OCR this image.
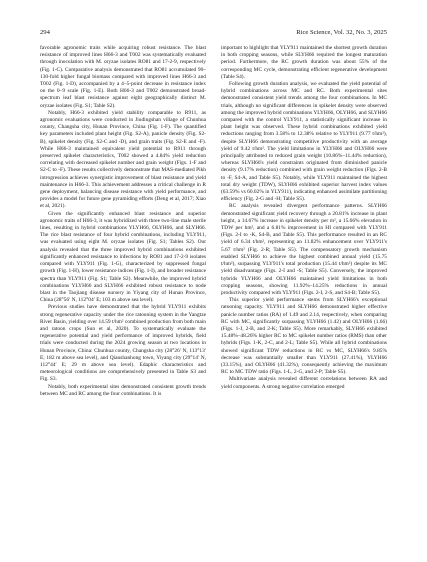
294	Rice Science, Vol. 32, No. 3, 2025

favorable agronomic traits while acquiring robust resistance. The blast resistance of improved lines H66-3 and T002 was systematically evaluated through inoculation with M. oryzae isolates RO81 and 17-2-9, respectively (Fig. 1-C). Comparative analysis demonstrated that RO81 accumulated 90–130-fold higher fungal biomass compared with improved lines H66-3 and T002 (Fig. 1-D), accompanied by a 4–5-point decrease in resistance index on the 0–9 scale (Fig. 1-E). Both H66-3 and T002 demonstrated broad-spectrum leaf blast resistance against eight geographically distinct M. oryzae isolates (Fig. S1; Table S2).

Notably, H66-3 exhibited yield stability comparable to R911, as agronomic evaluations were conducted in Jiudingshan village of Chunhua county, Changsha city, Hunan Province, China (Fig. 1-F). The quantified key parameters included plant height (Fig. S2-A), panicle density (Fig. S2-B), spikelet density (Fig. S2-C and -D), and grain traits (Fig. S2-E and -F). While H66-3 maintained equivalent yield potential to R911 through preserved spikelet characteristics, T002 showed a 4.84% yield reduction correlating with decreased spikelet number and grain weight (Figs. 1-F and S2-C to -F). These results collectively demonstrate that MAS-mediated Pikh introgression achieves synergistic improvement of blast resistance and yield maintenance in H66-3. This achievement addresses a critical challenge in R gene deployment, balancing disease resistance with yield performance, and provides a model for future gene pyramiding efforts (Deng et al, 2017; Xiao et al, 2021).

Given the significantly enhanced blast resistance and superior agronomic traits of H66-3, it was hybridized with three two-line male sterile lines, resulting in hybrid combinations YLYH66, OLYH66, and SLYH66. The rice blast resistance of four hybrid combinations, including YLY911, was evaluated using eight M. oryzae isolates (Fig. S1; Tables S2). Our analysis revealed that the three improved hybrid combinations exhibited significantly enhanced resistance to infections by RO81 and 17-2-9 isolates compared with YLY911 (Fig. 1-G), characterized by suppressed fungal growth (Fig. 1-H), lower resistance indices (Fig. 1-I), and broader resistance spectra than YLY911 (Fig. S1; Table S2). Meanwhile, the improved hybrid combinations YLYH66 and SLYH66 exhibited robust resistance to node blast in the Taojiang disease nursery in Yiyang city of Hunan Province, China (28°56′ N, 112°04′ E; 103 m above sea level).

Previous studies have demonstrated that the hybrid YLY911 exhibits strong regenerative capacity under the rice ratooning system in the Yangtze River Basin, yielding over 14.59 t/hm² combined production from both main and ratoon crops (Sun et al, 2020). To systematically evaluate the regenerative potential and yield performance of improved hybrids, field trials were conducted during the 2024 growing season at two locations in Hunan Province, China: Chunhua county, Changsha city (28°26′ N, 113°13′ E; 182 m above sea level), and Qianshanhong town, Yiyang city (29°14′ N, 112°44′ E; 29 m above sea level). Edaphic characteristics and meteorological conditions are comprehensively presented in Table S3 and Fig. S3.

Notably, both experimental sites demonstrated consistent growth trends between MC and RC among the four combinations. It is

important to highlight that YLY911 maintained the shortest growth duration in both cropping seasons, while SLYH66 required the longest maturation period. Furthermore, the RC growth duration was about 55% of the corresponding MC cycle, demonstrating efficient regenerative development (Table S4).

Following growth duration analysis, we evaluated the yield potential of hybrid combinations across MC and RC. Both experimental sites demonstrated consistent yield trends among the four combinations. In MC trials, although no significant differences in spikelet density were observed among the improved hybrid combinations YLYH66, OLYH66, and SLYH66 compared with the control YLY911, a statistically significant increase in plant height was observed. These hybrid combinations exhibited yield reductions ranging from 3.58% to 12.38% relative to YLY911 (9.77 t/hm²), despite SLYH66 demonstrating competitive productivity with an average yield of 9.42 t/hm². The yield limitations in YLYH66 and OLYH66 were principally attributed to reduced grain weight (10.86%–11.44% reduction), whereas SLYH66's yield constraints originated from diminished panicle density (9.17% reduction) combined with grain weight reduction (Figs. 2-B to -F, S4-A, and Table S5). Notably, while YLY911 maintained the highest total dry weight (TDW), SLYH66 exhibited superior harvest index values (63.59% vs 60.02% in YLY911), indicating enhanced assimilate partitioning efficiency (Fig. 2-G and -H; Table S5).

RC analysis revealed divergent performance patterns. SLYH66 demonstrated significant yield recovery through a 20.81% increase in plant height, a 14.67% increase in spikelet density per m², a 15.66% elevation in TDW per hm², and a 6.81% improvement in HI compared with YLY911 (Figs. 2-I to -K, S4-B, and Table S5). This performance resulted in an RC yield of 6.34 t/hm², representing an 11.82% enhancement over YLY911's 5.67 t/hm² (Fig. 2-R; Table S5). The compensatory growth mechanism enabled SLYH66 to achieve the highest combined annual yield (15.75 t/hm²), surpassing YLY911's total production (15.44 t/hm²) despite its MC yield disadvantage (Figs. 2-I and -S; Table S5). Conversely, the improved hybrids YLYH66 and OLYH66 maintained yield limitations in both cropping seasons, showing 11.92%–14.25% reductions in annual productivity compared with YLY911 (Figs. 2-I, 2-S, and S4-B; Table S5).

This superior yield performance stems from SLYH66's exceptional ratooning capacity. YLY911 and SLYH66 demonstrated higher effective panicle number ratios (RA) of 1.49 and 2.14, respectively, when comparing RC with MC, significantly surpassing YLYH66 (1.42) and OLYH66 (1.66) (Figs. 1-J, 2-B, and 2-K; Table S5). More remarkably, SLYH66 exhibited 15.48%–48.26% higher RC to MC spikelet number ratios (RMS) than other hybrids (Figs. 1-K, 2-C, and 2-L; Table S5). While all hybrid combinations showed significant TDW reductions in RC vs MC, SLYH66's 9.85% decrease was substantially smaller than YLY911 (27.41%), YLYH66 (33.15%), and OLYH66 (41.32%), consequently achieving the maximum RC to MC TDW ratio (Figs. 1-L, 2-G, and 2-P; Table S5).

Multivariate analysis revealed different correlations between RA and yield components. A strong negative correlation emerged
